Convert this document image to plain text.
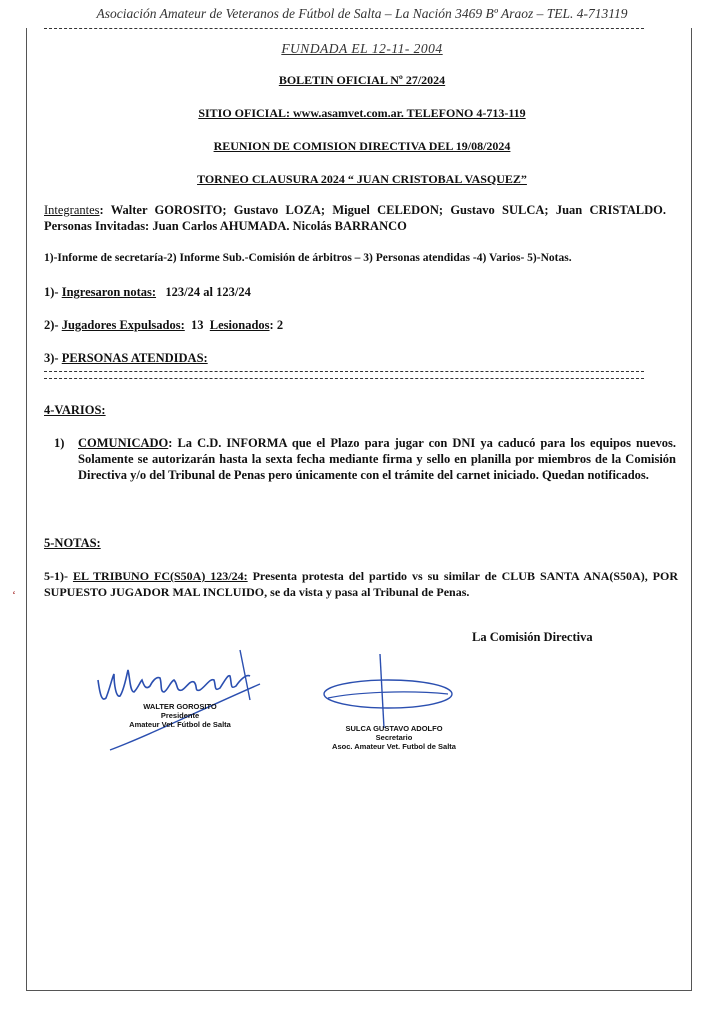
Asociación Amateur de Veteranos de Fútbol de Salta – La Nación 3469 Bº Araoz – TEL. 4-713119
FUNDADA EL 12-11- 2004
BOLETIN OFICIAL Nº 27/2024
SITIO OFICIAL: www.asamvet.com.ar. TELEFONO 4-713-119
REUNION DE COMISION DIRECTIVA DEL 19/08/2024
TORNEO CLAUSURA 2024 “ JUAN CRISTOBAL VASQUEZ”
Integrantes: Walter GOROSITO; Gustavo LOZA; Miguel CELEDON; Gustavo SULCA; Juan CRISTALDO. Personas Invitadas: Juan Carlos AHUMADA. Nicolás BARRANCO
1)-Informe de secretaría-2) Informe Sub.-Comisión de árbitros – 3) Personas atendidas -4) Varios- 5)-Notas.
1)- Ingresaron notas:   123/24 al 123/24
2)- Jugadores Expulsados:  13  Lesionados: 2
3)- PERSONAS ATENDIDAS:
4-VARIOS:
1) COMUNICADO: La C.D. INFORMA que el Plazo para jugar con DNI ya caducó para los equipos nuevos. Solamente se autorizarán hasta la sexta fecha mediante firma y sello en planilla por miembros de la Comisión Directiva y/o del Tribunal de Penas pero únicamente con el trámite del carnet iniciado. Quedan notificados.
5-NOTAS:
5-1)- EL TRIBUNO FC(S50A) 123/24: Presenta protesta del partido vs su similar de CLUB SANTA ANA(S50A), POR SUPUESTO JUGADOR MAL INCLUIDO, se da vista y pasa al Tribunal de Penas.
‘
La Comisión Directiva
WALTER GOROSITO
Presidente
Amateur Vet. Fútbol de Salta	SULCA GUSTAVO ADOLFO
Secretario
Asoc. Amateur Vet. Futbol de Salta
